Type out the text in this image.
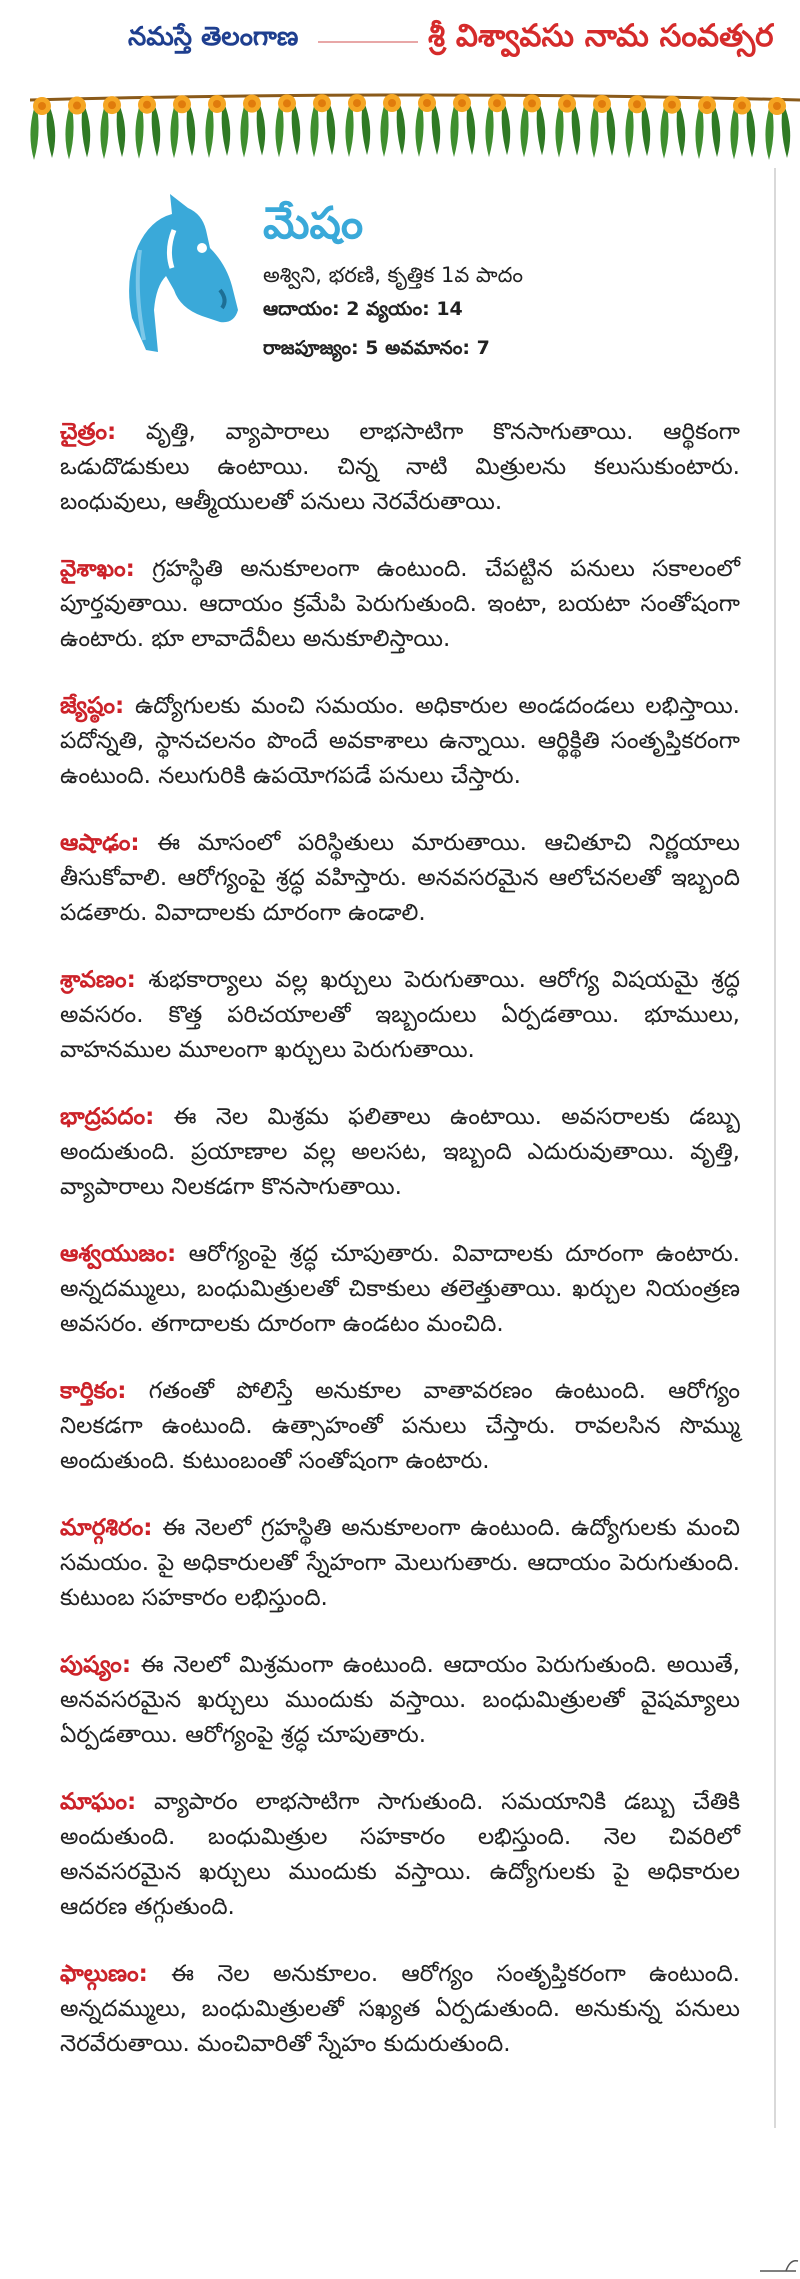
నమస్తే తెలంగాణ	శ్రీ విశ్వావసు నామ సంవత్సర
మేషం
అశ్విని, భరణి, కృత్తిక 1వ పాదం
ఆదాయం: 2 వ్యయం: 14
రాజపూజ్యం: 5 అవమానం: 7

చైత్రం: వృత్తి, వ్యాపారాలు లాభసాటిగా కొనసాగుతాయి. ఆర్థికంగా ఒడుదొడుకులు ఉంటాయి. చిన్న నాటి మిత్రులను కలుసుకుంటారు. బంధువులు, ఆత్మీయులతో పనులు నెరవేరుతాయి.

వైశాఖం: గ్రహస్థితి అనుకూలంగా ఉంటుంది. చేపట్టిన పనులు సకాలంలో పూర్తవుతాయి. ఆదాయం క్రమేపి పెరుగుతుంది. ఇంటా, బయటా సంతోషంగా ఉంటారు. భూ లావాదేవీలు అనుకూలిస్తాయి.

జ్యేష్ఠం: ఉద్యోగులకు మంచి సమయం. అధికారుల అండదండలు లభిస్తాయి. పదోన్నతి, స్థానచలనం పొందే అవకాశాలు ఉన్నాయి. ఆర్థిక్థితి సంతృప్తికరంగా ఉంటుంది. నలుగురికి ఉపయోగపడే పనులు చేస్తారు.

ఆషాఢం: ఈ మాసంలో పరిస్థితులు మారుతాయి. ఆచితూచి నిర్ణయాలు తీసుకోవాలి. ఆరోగ్యంపై శ్రద్ధ వహిస్తారు. అనవసరమైన ఆలోచనలతో ఇబ్బంది పడతారు. వివాదాలకు దూరంగా ఉండాలి.

శ్రావణం: శుభకార్యాలు వల్ల ఖర్చులు పెరుగుతాయి. ఆరోగ్య విషయమై శ్రద్ధ అవసరం. కొత్త పరిచయాలతో ఇబ్బందులు ఏర్పడతాయి. భూములు, వాహనముల మూలంగా ఖర్చులు పెరుగుతాయి.

భాద్రపదం: ఈ నెల మిశ్రమ ఫలితాలు ఉంటాయి. అవసరాలకు డబ్బు అందుతుంది. ప్రయాణాల వల్ల అలసట, ఇబ్బంది ఎదురువుతాయి. వృత్తి, వ్యాపారాలు నిలకడగా కొనసాగుతాయి.

ఆశ్వయుజం: ఆరోగ్యంపై శ్రద్ధ చూపుతారు. వివాదాలకు దూరంగా ఉంటారు. అన్నదమ్ములు, బంధుమిత్రులతో చికాకులు తలెత్తుతాయి. ఖర్చుల నియంత్రణ అవసరం. తగాదాలకు దూరంగా ఉండటం మంచిది.

కార్తికం: గతంతో పోలిస్తే అనుకూల వాతావరణం ఉంటుంది. ఆరోగ్యం నిలకడగా ఉంటుంది. ఉత్సాహంతో పనులు చేస్తారు. రావలసిన సొమ్ము అందుతుంది. కుటుంబంతో సంతోషంగా ఉంటారు.

మార్గశిరం: ఈ నెలలో గ్రహస్థితి అనుకూలంగా ఉంటుంది. ఉద్యోగులకు మంచి సమయం. పై అధికారులతో స్నేహంగా మెలుగుతారు. ఆదాయం పెరుగుతుంది. కుటుంబ సహకారం లభిస్తుంది.

పుష్యం: ఈ నెలలో మిశ్రమంగా ఉంటుంది. ఆదాయం పెరుగుతుంది. అయితే, అనవసరమైన ఖర్చులు ముందుకు వస్తాయి. బంధుమిత్రులతో వైషమ్యాలు ఏర్పడతాయి. ఆరోగ్యంపై శ్రద్ధ చూపుతారు.

మాఘం: వ్యాపారం లాభసాటిగా సాగుతుంది. సమయానికి డబ్బు చేతికి అందుతుంది. బంధుమిత్రుల సహకారం లభిస్తుంది. నెల చివరిలో అనవసరమైన ఖర్చులు ముందుకు వస్తాయి. ఉద్యోగులకు పై అధికారుల ఆదరణ తగ్గుతుంది.

ఫాల్గుణం: ఈ నెల అనుకూలం. ఆరోగ్యం సంతృప్తికరంగా ఉంటుంది. అన్నదమ్ములు, బంధుమిత్రులతో సఖ్యత ఏర్పడుతుంది. అనుకున్న పనులు నెరవేరుతాయి. మంచివారితో స్నేహం కుదురుతుంది.
